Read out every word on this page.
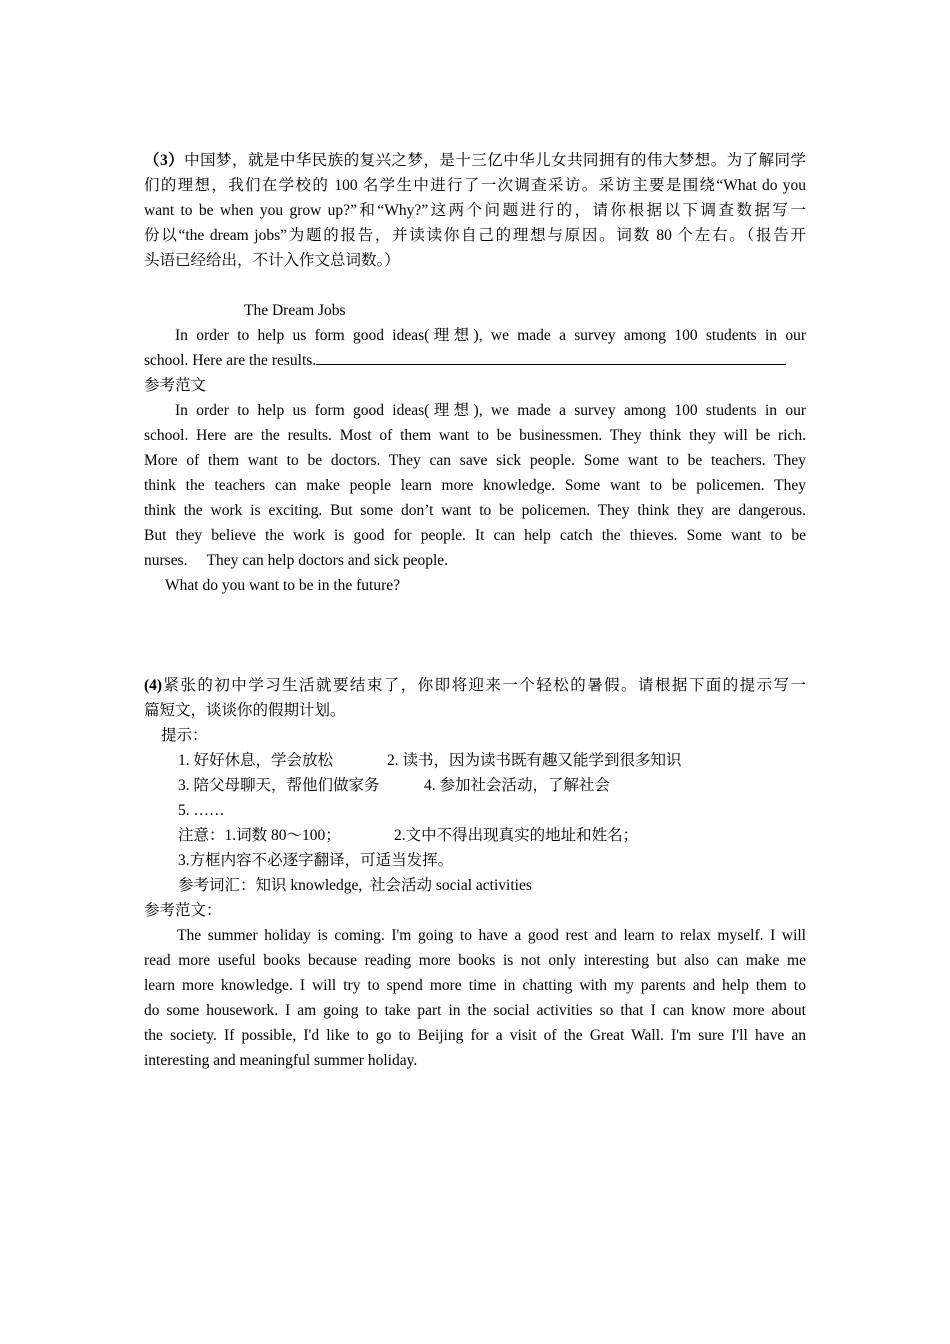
（3）中国梦，就是中华民族的复兴之梦，是十三亿中华儿女共同拥有的伟大梦想。为了解同学
们的理想，我们在学校的 100 名学生中进行了一次调查采访。采访主要是围绕“What do you
want to be when you grow up?”和“Why?”这两个问题进行的，请你根据以下调查数据写一
份以“the dream jobs”为题的报告，并读读你自己的理想与原因。词数 80 个左右。（报告开
头语已经给出，不计入作文总词数。）
The Dream Jobs
In order to help us form good ideas(理想), we made a survey among 100 students in our
school. Here are the results.
参考范文
In order to help us form good ideas(理想), we made a survey among 100 students in our
school. Here are the results. Most of them want to be businessmen. They think they will be rich.
More of them want to be doctors. They can save sick people. Some want to be teachers. They
think the teachers can make people learn more knowledge. Some want to be policemen. They
think the work is exciting. But some don’t want to be policemen. They think they are dangerous.
But they believe the work is good for people. It can help catch the thieves. Some want to be
nurses.     They can help doctors and sick people.
What do you want to be in the future?
(4)紧张的初中学习生活就要结束了，你即将迎来一个轻松的暑假。请根据下面的提示写一
篇短文，谈谈你的假期计划。
提示：
1. 好好休息，学会放松	2. 读书，因为读书既有趣又能学到很多知识
3. 陪父母聊天，帮他们做家务	4. 参加社会活动，了解社会
5. ……
注意：1.词数 80～100；	2.文中不得出现真实的地址和姓名；
3.方框内容不必逐字翻译，可适当发挥。
参考词汇：知识 knowledge,  社会活动 social activities
参考范文：
The summer holiday is coming. I'm going to have a good rest and learn to relax myself. I will
read more useful books because reading more books is not only interesting but also can make me
learn more knowledge. I will try to spend more time in chatting with my parents and help them to
do some housework. I am going to take part in the social activities so that I can know more about
the society. If possible, I'd like to go to Beijing for a visit of the Great Wall. I'm sure I'll have an
interesting and meaningful summer holiday.
